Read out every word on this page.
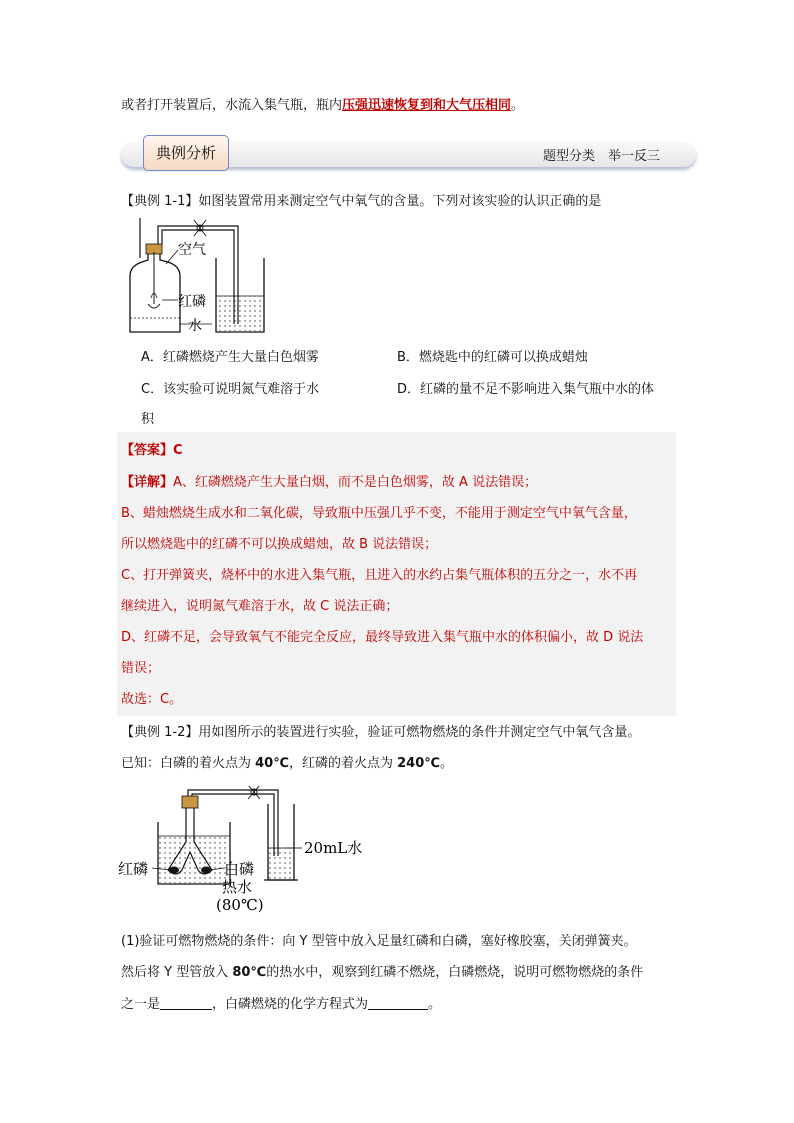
或者打开装置后，水流入集气瓶，瓶内压强迅速恢复到和大气压相同。
典例分析	题型分类　举一反三
【典例 1-1】如图装置常用来测定空气中氧气的含量。下列对该实验的认识正确的是
空气
红磷
水
A．红磷燃烧产生大量白色烟雾	B．燃烧匙中的红磷可以换成蜡烛
C．该实验可说明氮气难溶于水	D．红磷的量不足不影响进入集气瓶中水的体
积
【答案】C
【详解】A、红磷燃烧产生大量白烟，而不是白色烟雾，故 A 说法错误；
B、蜡烛燃烧生成水和二氧化碳，导致瓶中压强几乎不变，不能用于测定空气中氧气含量，
所以燃烧匙中的红磷不可以换成蜡烛，故 B 说法错误；
C、打开弹簧夹，烧杯中的水进入集气瓶，且进入的水约占集气瓶体积的五分之一，水不再
继续进入，说明氮气难溶于水，故 C 说法正确；
D、红磷不足，会导致氧气不能完全反应，最终导致进入集气瓶中水的体积偏小，故 D 说法
错误；
故选：C。
【典例 1-2】用如图所示的装置进行实验，验证可燃物燃烧的条件并测定空气中氧气含量。
已知：白磷的着火点为 40℃，红磷的着火点为 240℃。
20mL水
红磷	白磷
热水
(80℃)
(1)验证可燃物燃烧的条件：向 Y 型管中放入足量红磷和白磷，塞好橡胶塞，关闭弹簧夹。
然后将 Y 型管放入 80℃的热水中，观察到红磷不燃烧，白磷燃烧，说明可燃物燃烧的条件
之一是	，白磷燃烧的化学方程式为	。
